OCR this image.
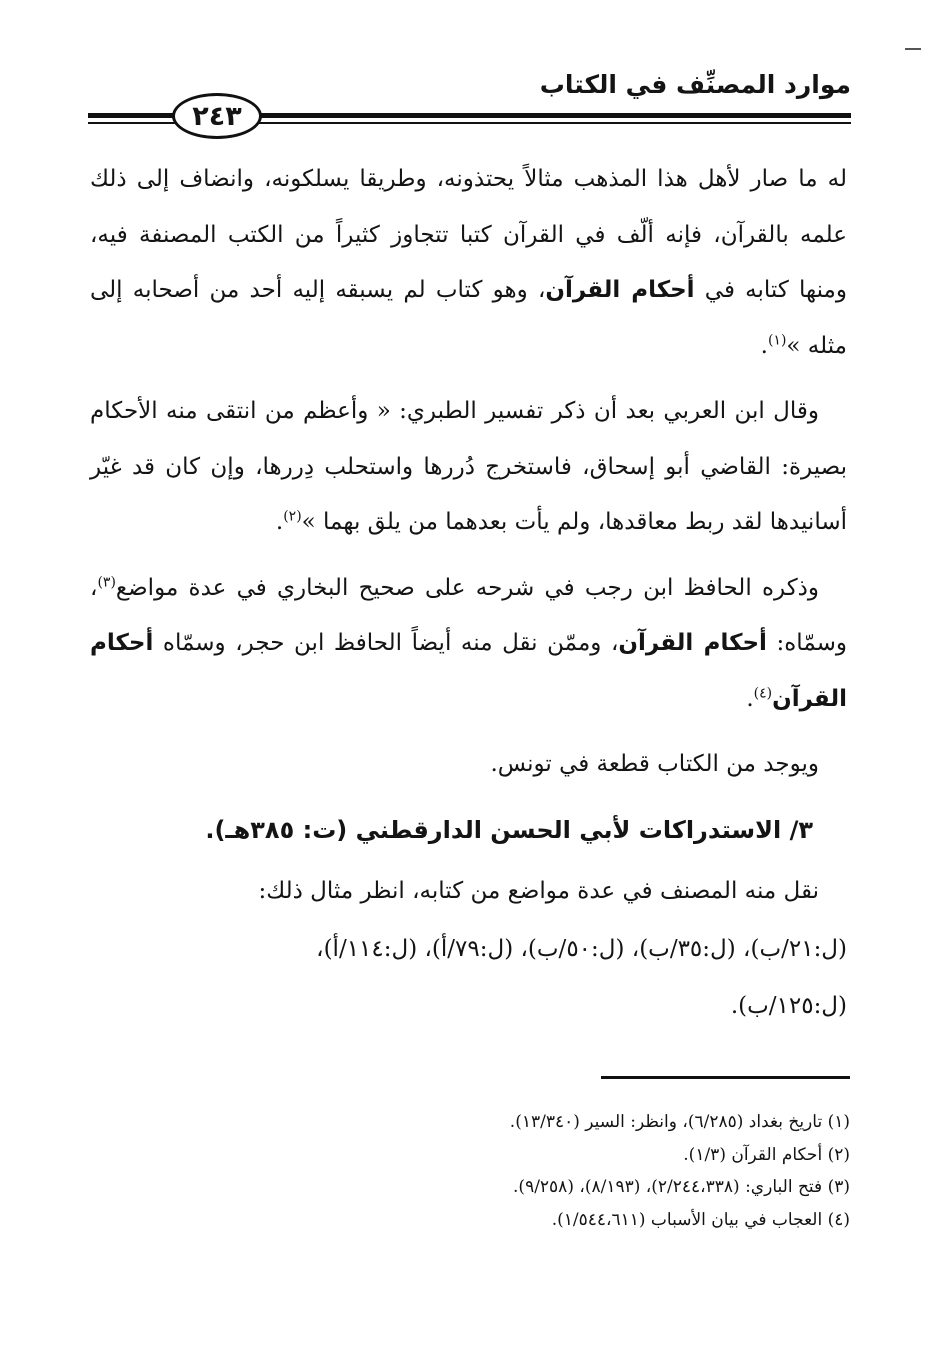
موارد المصنِّف في الكتاب
٢٤٣

له ما صار لأهل هذا المذهب مثالاً يحتذونه، وطريقا يسلكونه، وانضاف إلى ذلك علمه بالقرآن، فإنه ألّف في القرآن كتبا تتجاوز كثيراً من الكتب المصنفة فيه، ومنها كتابه في أحكام القرآن، وهو كتاب لم يسبقه إليه أحد من أصحابه إلى مثله »$^{(١)}$.

وقال ابن العربي بعد أن ذكر تفسير الطبري: « وأعظم من انتقى منه الأحكام بصيرة: القاضي أبو إسحاق، فاستخرج دُررها واستحلب دِررها، وإن كان قد غيّر أسانيدها لقد ربط معاقدها، ولم يأت بعدهما من يلق بهما »$^{(٢)}$.

وذكره الحافظ ابن رجب في شرحه على صحيح البخاري في عدة مواضع$^{(٣)}$، وسمّاه: أحكام القرآن، وممّن نقل منه أيضاً الحافظ ابن حجر، وسمّاه أحكام القرآن$^{(٤)}$.

ويوجد من الكتاب قطعة في تونس.

٣/ الاستدراكات لأبي الحسن الدارقطني (ت: ٣٨٥هـ).

نقل منه المصنف في عدة مواضع من كتابه، انظر مثال ذلك:

(ل:٢١/ب)، (ل:٣٥/ب)، (ل:٥٠/ب)، (ل:٧٩/أ)، (ل:١١٤/أ)،

(ل:١٢٥/ب).

(١) تاريخ بغداد (٦/٢٨٥)، وانظر: السير (١٣/٣٤٠).

(٢) أحكام القرآن (١/٣).

(٣) فتح الباري: (٢/٢٤٤،٣٣٨)، (٨/١٩٣)، (٩/٢٥٨).

(٤) العجاب في بيان الأسباب (١/٥٤٤،٦١١).
